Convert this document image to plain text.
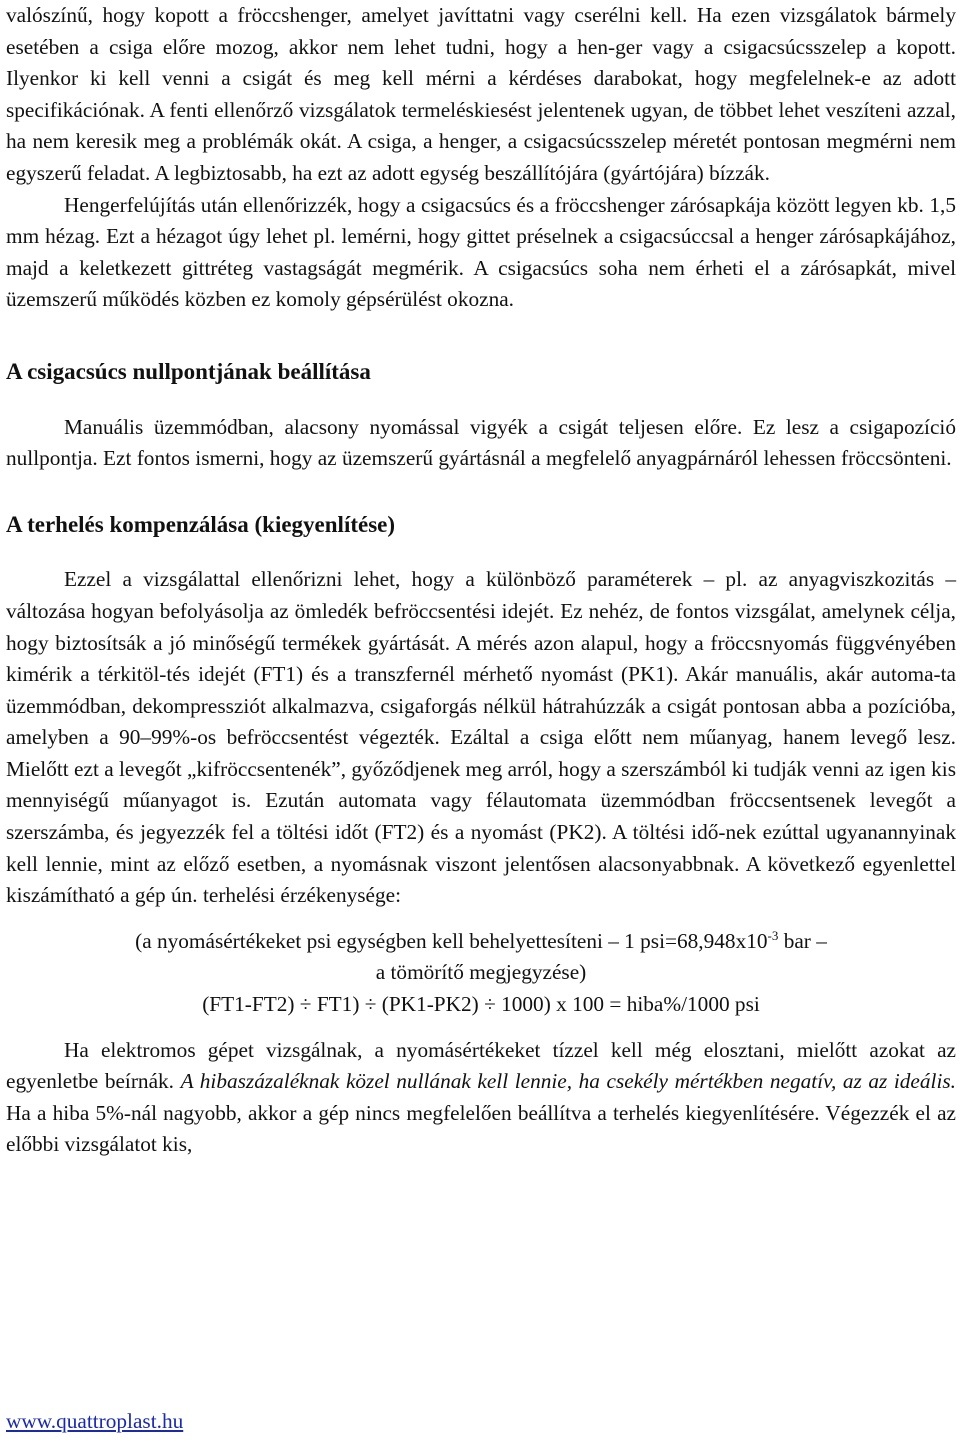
valószínű, hogy kopott a fröccshenger, amelyet javíttatni vagy cserélni kell. Ha ezen vizsgálatok bármely esetében a csiga előre mozog, akkor nem lehet tudni, hogy a hen-ger vagy a csigacsúcsszelep a kopott. Ilyenkor ki kell venni a csigát és meg kell mérni a kérdéses darabokat, hogy megfelelnek-e az adott specifikációnak. A fenti ellenőrző vizsgálatok termeléskiesést jelentenek ugyan, de többet lehet veszíteni azzal, ha nem keresik meg a problémák okát. A csiga, a henger, a csigacsúcsszelep méretét pontosan megmérni nem egyszerű feladat. A legbiztosabb, ha ezt az adott egység beszállítójára (gyártójára) bízzák.

Hengerfelújítás után ellenőrizzék, hogy a csigacsúcs és a fröccshenger zárósapkája között legyen kb. 1,5 mm hézag. Ezt a hézagot úgy lehet pl. lemérni, hogy gittet préselnek a csigacsúccsal a henger zárósapkájához, majd a keletkezett gittréteg vastagságát megmérik. A csigacsúcs soha nem érheti el a zárósapkát, mivel üzemszerű működés közben ez komoly gépsérülést okozna.

A csigacsúcs nullpontjának beállítása

Manuális üzemmódban, alacsony nyomással vigyék a csigát teljesen előre. Ez lesz a csigapozíció nullpontja. Ezt fontos ismerni, hogy az üzemszerű gyártásnál a megfelelő anyagpárnáról lehessen fröccsönteni.

A terhelés kompenzálása (kiegyenlítése)

Ezzel a vizsgálattal ellenőrizni lehet, hogy a különböző paraméterek – pl. az anyagviszkozitás – változása hogyan befolyásolja az ömledék befröccsentési idejét. Ez nehéz, de fontos vizsgálat, amelynek célja, hogy biztosítsák a jó minőségű termékek gyártását. A mérés azon alapul, hogy a fröccsnyomás függvényében kimérik a térkitöl-tés idejét (FT1) és a transzfernél mérhető nyomást (PK1). Akár manuális, akár automa-ta üzemmódban, dekompressziót alkalmazva, csigaforgás nélkül hátrahúzzák a csigát pontosan abba a pozícióba, amelyben a 90–99%-os befröccsentést végezték. Ezáltal a csiga előtt nem műanyag, hanem levegő lesz. Mielőtt ezt a levegőt „kifröccsentenék”, győződjenek meg arról, hogy a szerszámból ki tudják venni az igen kis mennyiségű műanyagot is. Ezután automata vagy félautomata üzemmódban fröccsentsenek levegőt a szerszámba, és jegyezzék fel a töltési időt (FT2) és a nyomást (PK2). A töltési idő-nek ezúttal ugyanannyinak kell lennie, mint az előző esetben, a nyomásnak viszont jelentősen alacsonyabbnak. A következő egyenlettel kiszámítható a gép ún. terhelési érzékenysége:

(a nyomásértékeket psi egységben kell behelyettesíteni – 1 $psi=68,948x10^{-3}$ bar –
a tömörítő megjegyzése)
(FT1-FT2) ÷ FT1) ÷ (PK1-PK2) ÷ 1000) x 100 = hiba%/1000 psi

Ha elektromos gépet vizsgálnak, a nyomásértékeket tízzel kell még elosztani, mielőtt azokat az egyenletbe beírnák. A hibaszázaléknak közel nullának kell lennie, ha csekély mértékben negatív, az az ideális. Ha a hiba 5%-nál nagyobb, akkor a gép nincs megfelelően beállítva a terhelés kiegyenlítésére. Végezzék el az előbbi vizsgálatot kis,

www.quattroplast.hu
